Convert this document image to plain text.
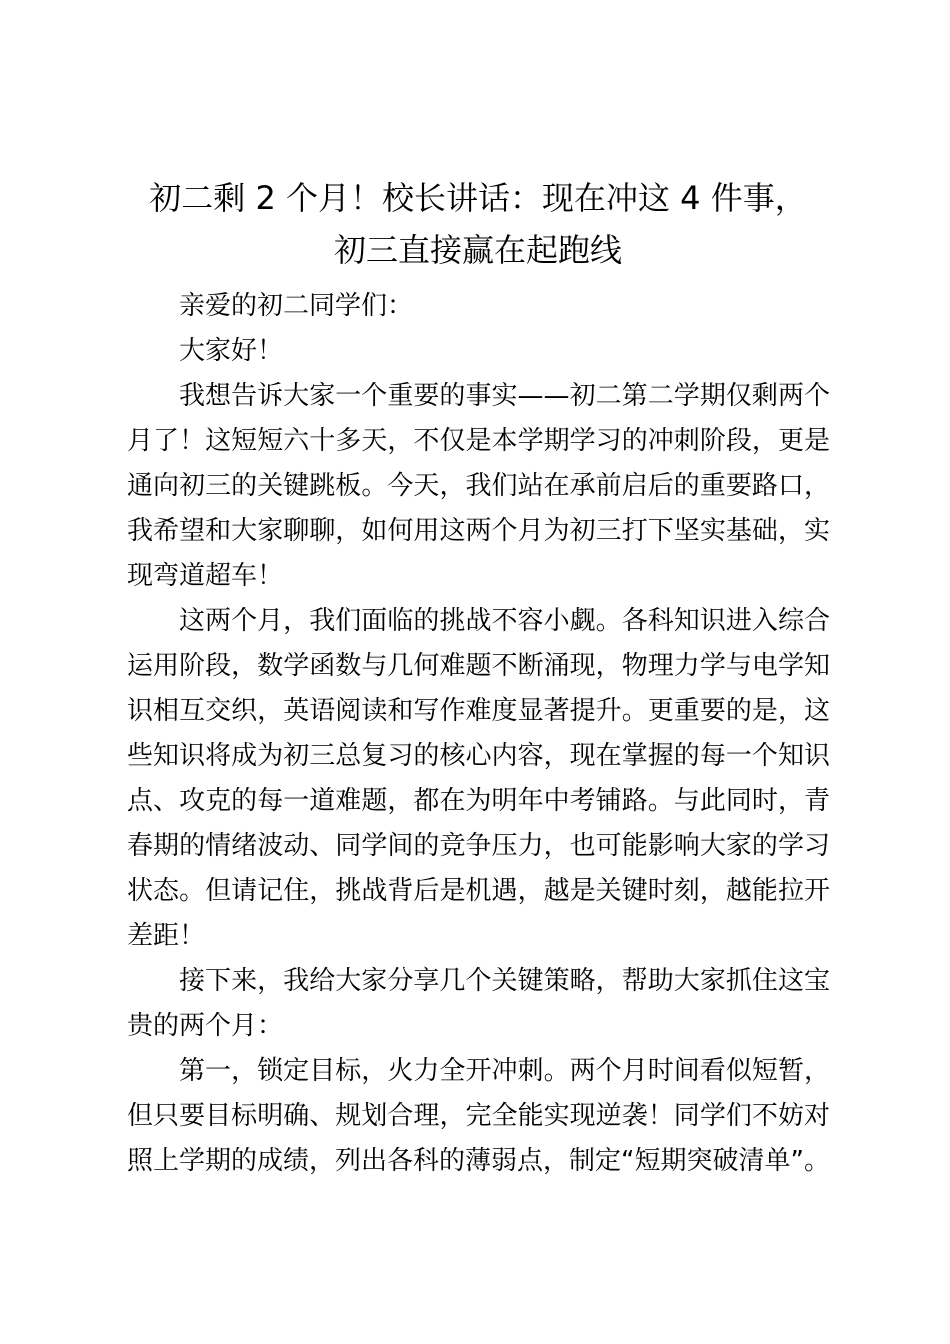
初二剩 2 个月！校长讲话：现在冲这 4 件事，
初三直接赢在起跑线

亲爱的初二同学们：

大家好！

我想告诉大家一个重要的事实——初二第二学期仅剩两个月了！这短短六十多天，不仅是本学期学习的冲刺阶段，更是通向初三的关键跳板。今天，我们站在承前启后的重要路口，我希望和大家聊聊，如何用这两个月为初三打下坚实基础，实现弯道超车！

这两个月，我们面临的挑战不容小觑。各科知识进入综合运用阶段，数学函数与几何难题不断涌现，物理力学与电学知识相互交织，英语阅读和写作难度显著提升。更重要的是，这些知识将成为初三总复习的核心内容，现在掌握的每一个知识点、攻克的每一道难题，都在为明年中考铺路。与此同时，青春期的情绪波动、同学间的竞争压力，也可能影响大家的学习状态。但请记住，挑战背后是机遇，越是关键时刻，越能拉开差距！

接下来，我给大家分享几个关键策略，帮助大家抓住这宝贵的两个月：

第一，锁定目标，火力全开冲刺。两个月时间看似短暂，但只要目标明确、规划合理，完全能实现逆袭！同学们不妨对照上学期的成绩，列出各科的薄弱点，制定“短期突破清单”。
